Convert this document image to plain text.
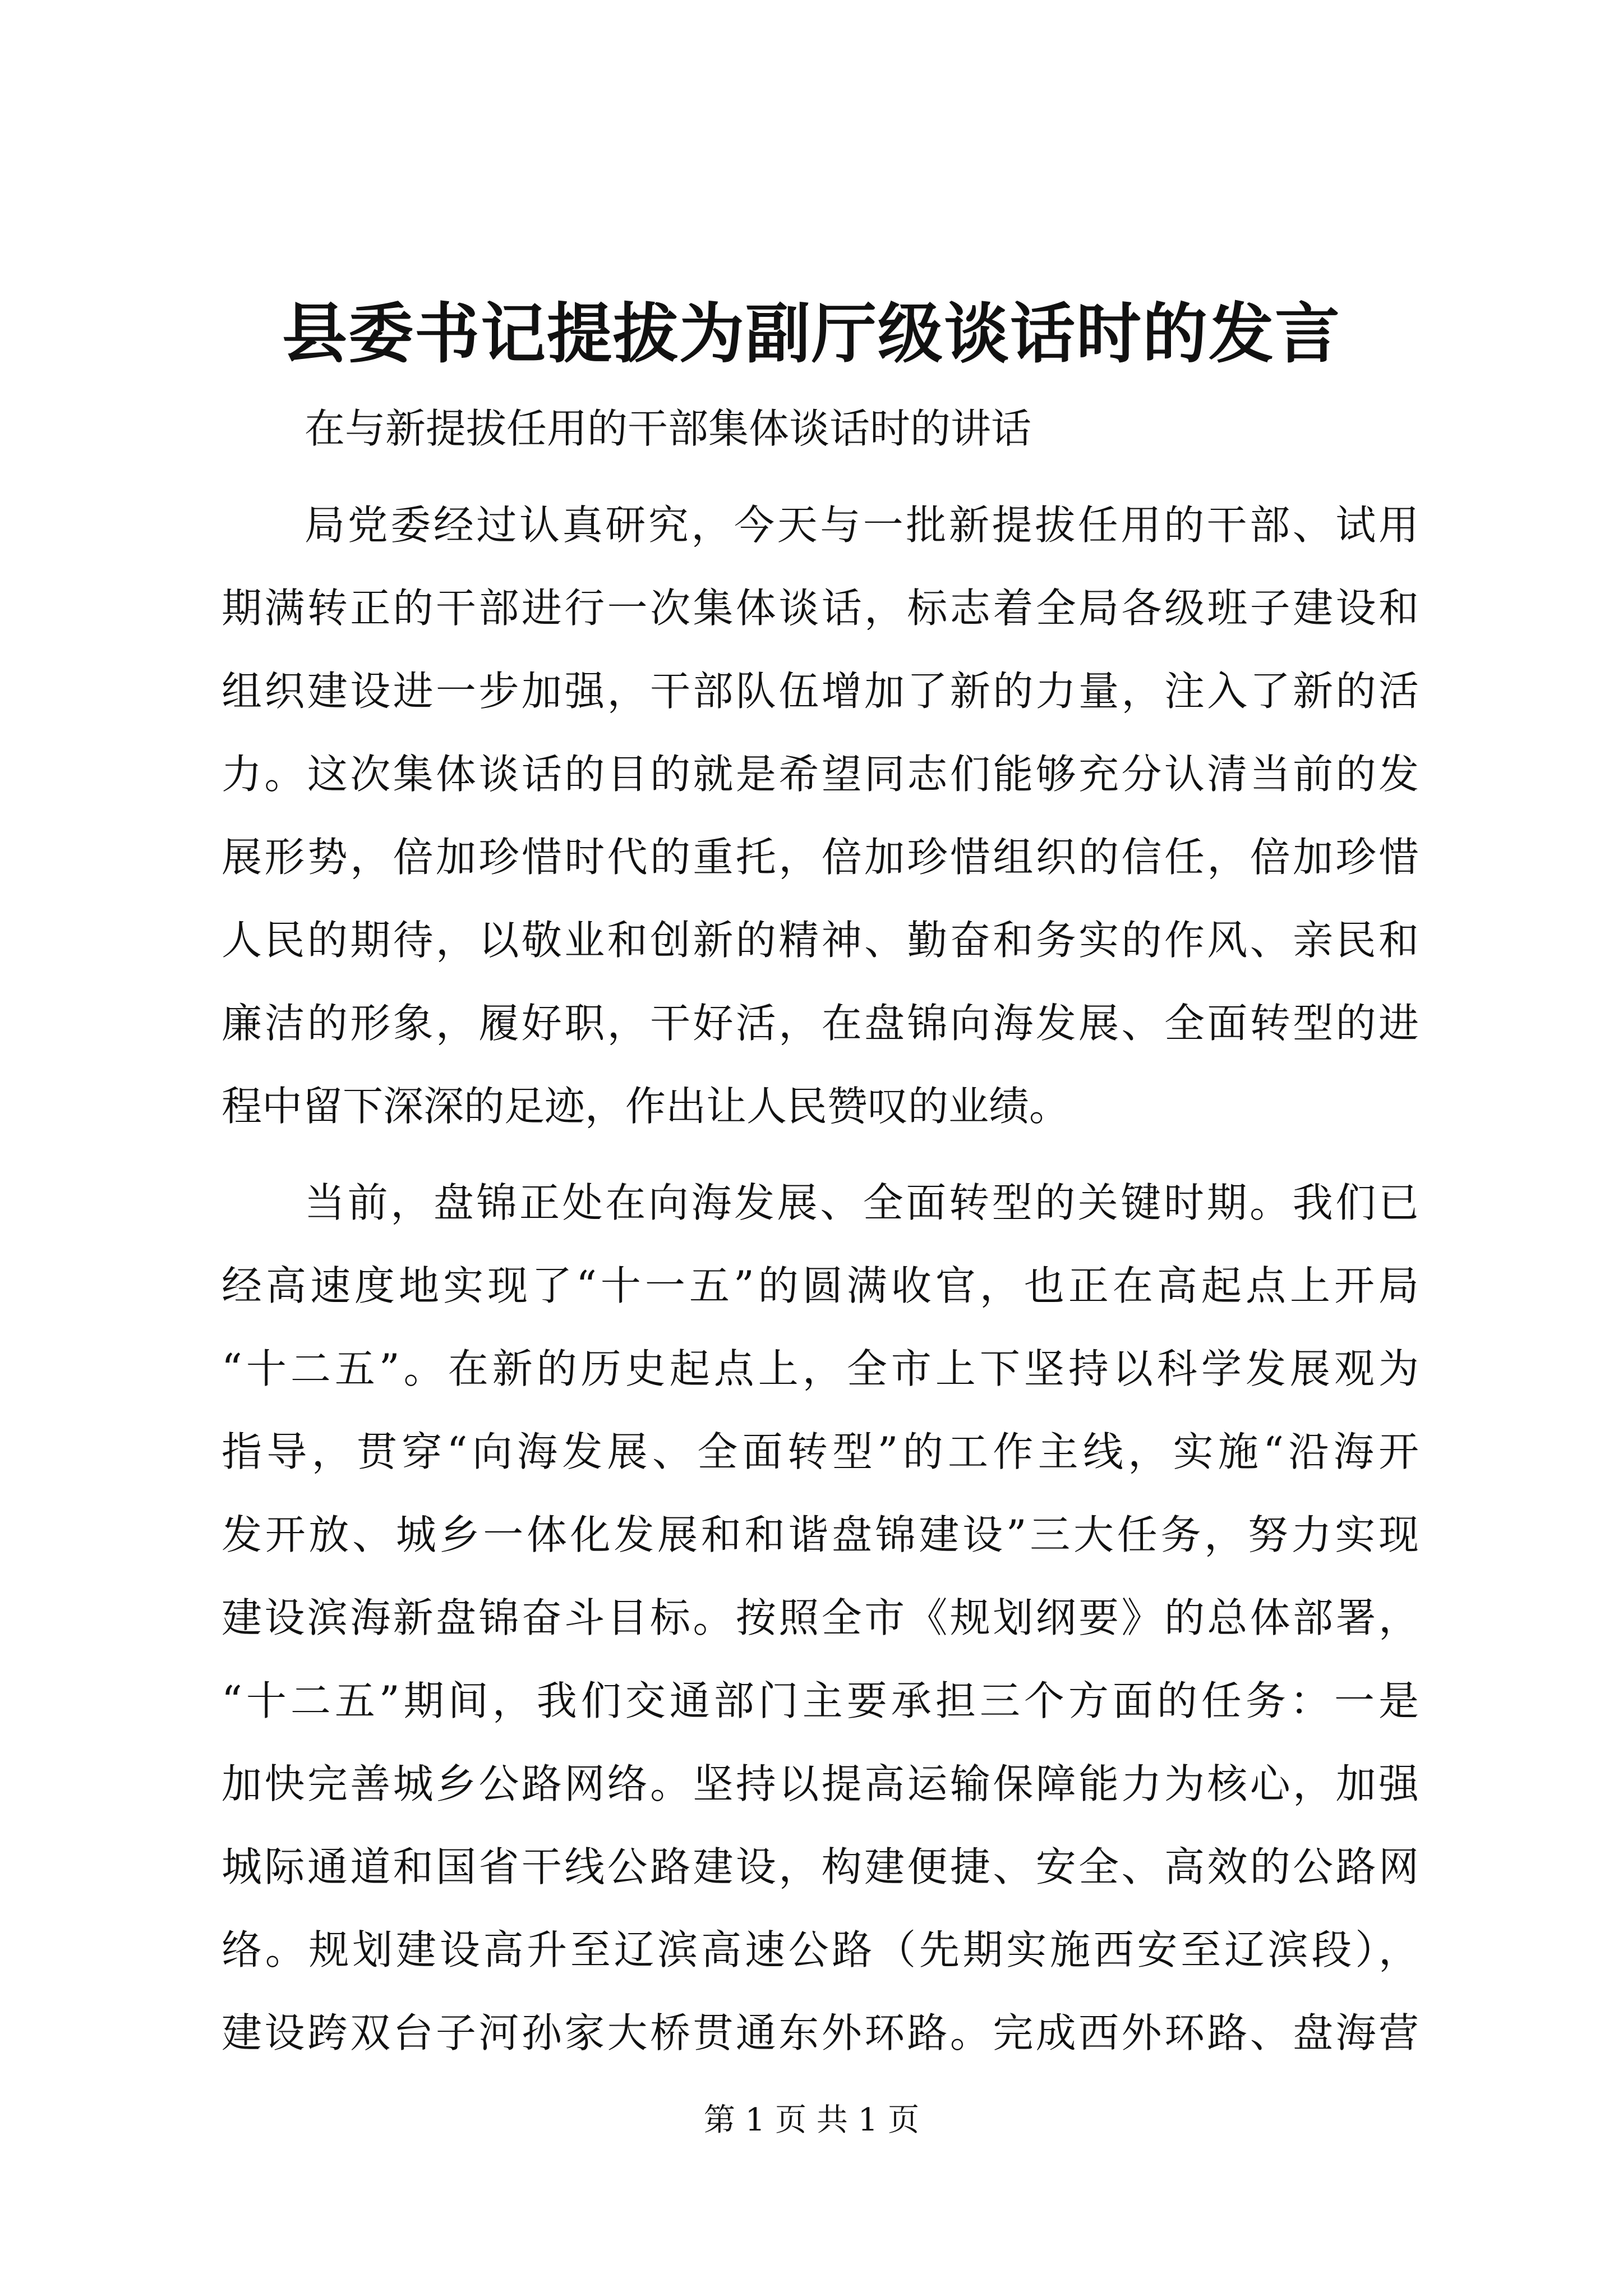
县委书记提拔为副厅级谈话时的发言
在与新提拔任用的干部集体谈话时的讲话
局党委经过认真研究，今天与一批新提拔任用的干部、试用
期满转正的干部进行一次集体谈话，标志着全局各级班子建设和
组织建设进一步加强，干部队伍增加了新的力量，注入了新的活
力。这次集体谈话的目的就是希望同志们能够充分认清当前的发
展形势，倍加珍惜时代的重托，倍加珍惜组织的信任，倍加珍惜
人民的期待，以敬业和创新的精神、勤奋和务实的作风、亲民和
廉洁的形象，履好职，干好活，在盘锦向海发展、全面转型的进
程中留下深深的足迹，作出让人民赞叹的业绩。
当前，盘锦正处在向海发展、全面转型的关键时期。我们已
经高速度地实现了“十一五”的圆满收官，也正在高起点上开局
“十二五”。在新的历史起点上，全市上下坚持以科学发展观为
指导，贯穿“向海发展、全面转型”的工作主线，实施“沿海开
发开放、城乡一体化发展和和谐盘锦建设”三大任务，努力实现
建设滨海新盘锦奋斗目标。按照全市《规划纲要》的总体部署，
“十二五”期间，我们交通部门主要承担三个方面的任务：一是
加快完善城乡公路网络。坚持以提高运输保障能力为核心，加强
城际通道和国省干线公路建设，构建便捷、安全、高效的公路网
络。规划建设高升至辽滨高速公路（先期实施西安至辽滨段），
建设跨双台子河孙家大桥贯通东外环路。完成西外环路、盘海营
第 1 页 共 1 页
